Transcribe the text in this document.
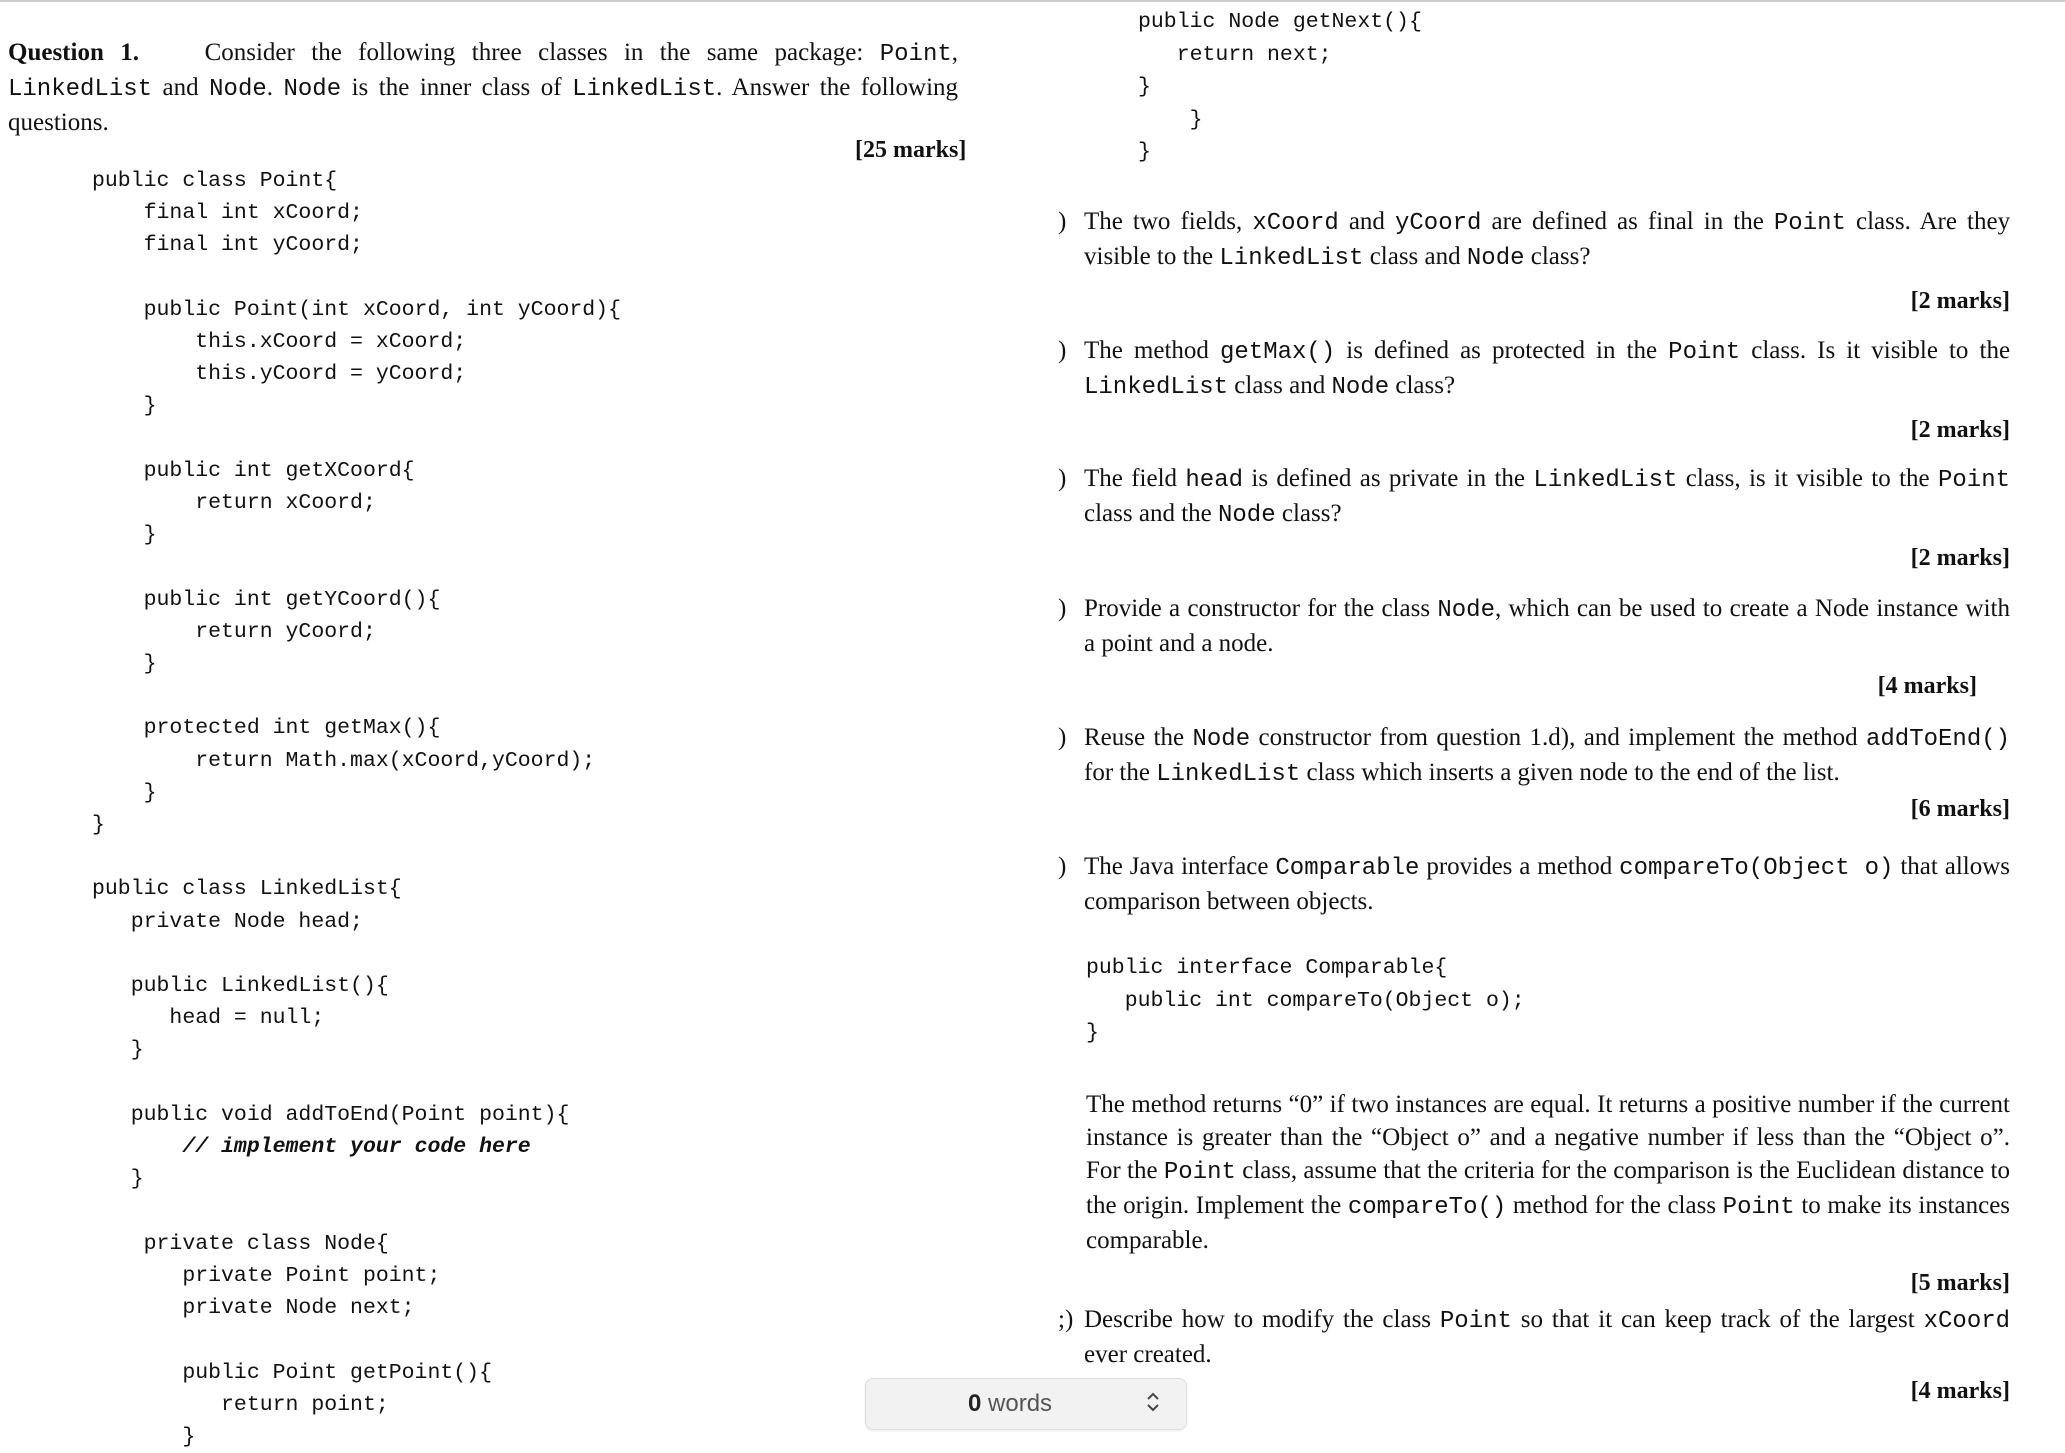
Question 1.	Consider the following three classes in the same package: Point, LinkedList and Node. Node is the inner class of LinkedList. Answer the following questions.
[25 marks]
public class Point{
final int xCoord;
final int yCoord;

public Point(int xCoord, int yCoord){
this.xCoord = xCoord;
this.yCoord = yCoord;
}

public int getXCoord{
return xCoord;
}

public int getYCoord(){
return yCoord;
}

protected int getMax(){
return Math.max(xCoord,yCoord);
}
}

public class LinkedList{
private Node head;

public LinkedList(){
head = null;
}

public void addToEnd(Point point){
// implement your code here
}

private class Node{
private Point point;
private Node next;

public Point getPoint(){
return point;
}
public Node getNext(){
return next;
}
}
}
) The two fields, xCoord and yCoord are defined as final in the Point class. Are they visible to the LinkedList class and Node class?
[2 marks]
) The method getMax() is defined as protected in the Point class. Is it visible to the LinkedList class and Node class?
[2 marks]
) The field head is defined as private in the LinkedList class, is it visible to the Point class and the Node class?
[2 marks]
) Provide a constructor for the class Node, which can be used to create a Node instance with a point and a node.
[4 marks]
) Reuse the Node constructor from question 1.d), and implement the method addToEnd() for the LinkedList class which inserts a given node to the end of the list.
[6 marks]
) The Java interface Comparable provides a method compareTo(Object o) that allows comparison between objects.
public interface Comparable{
public int compareTo(Object o);
}
The method returns “0” if two instances are equal. It returns a positive number if the current instance is greater than the “Object o” and a negative number if less than the “Object o”. For the Point class, assume that the criteria for the comparison is the Euclidean distance to the origin. Implement the compareTo() method for the class Point to make its instances comparable.
[5 marks]
;) Describe how to modify the class Point so that it can keep track of the largest xCoord ever created.
[4 marks]
0 words
